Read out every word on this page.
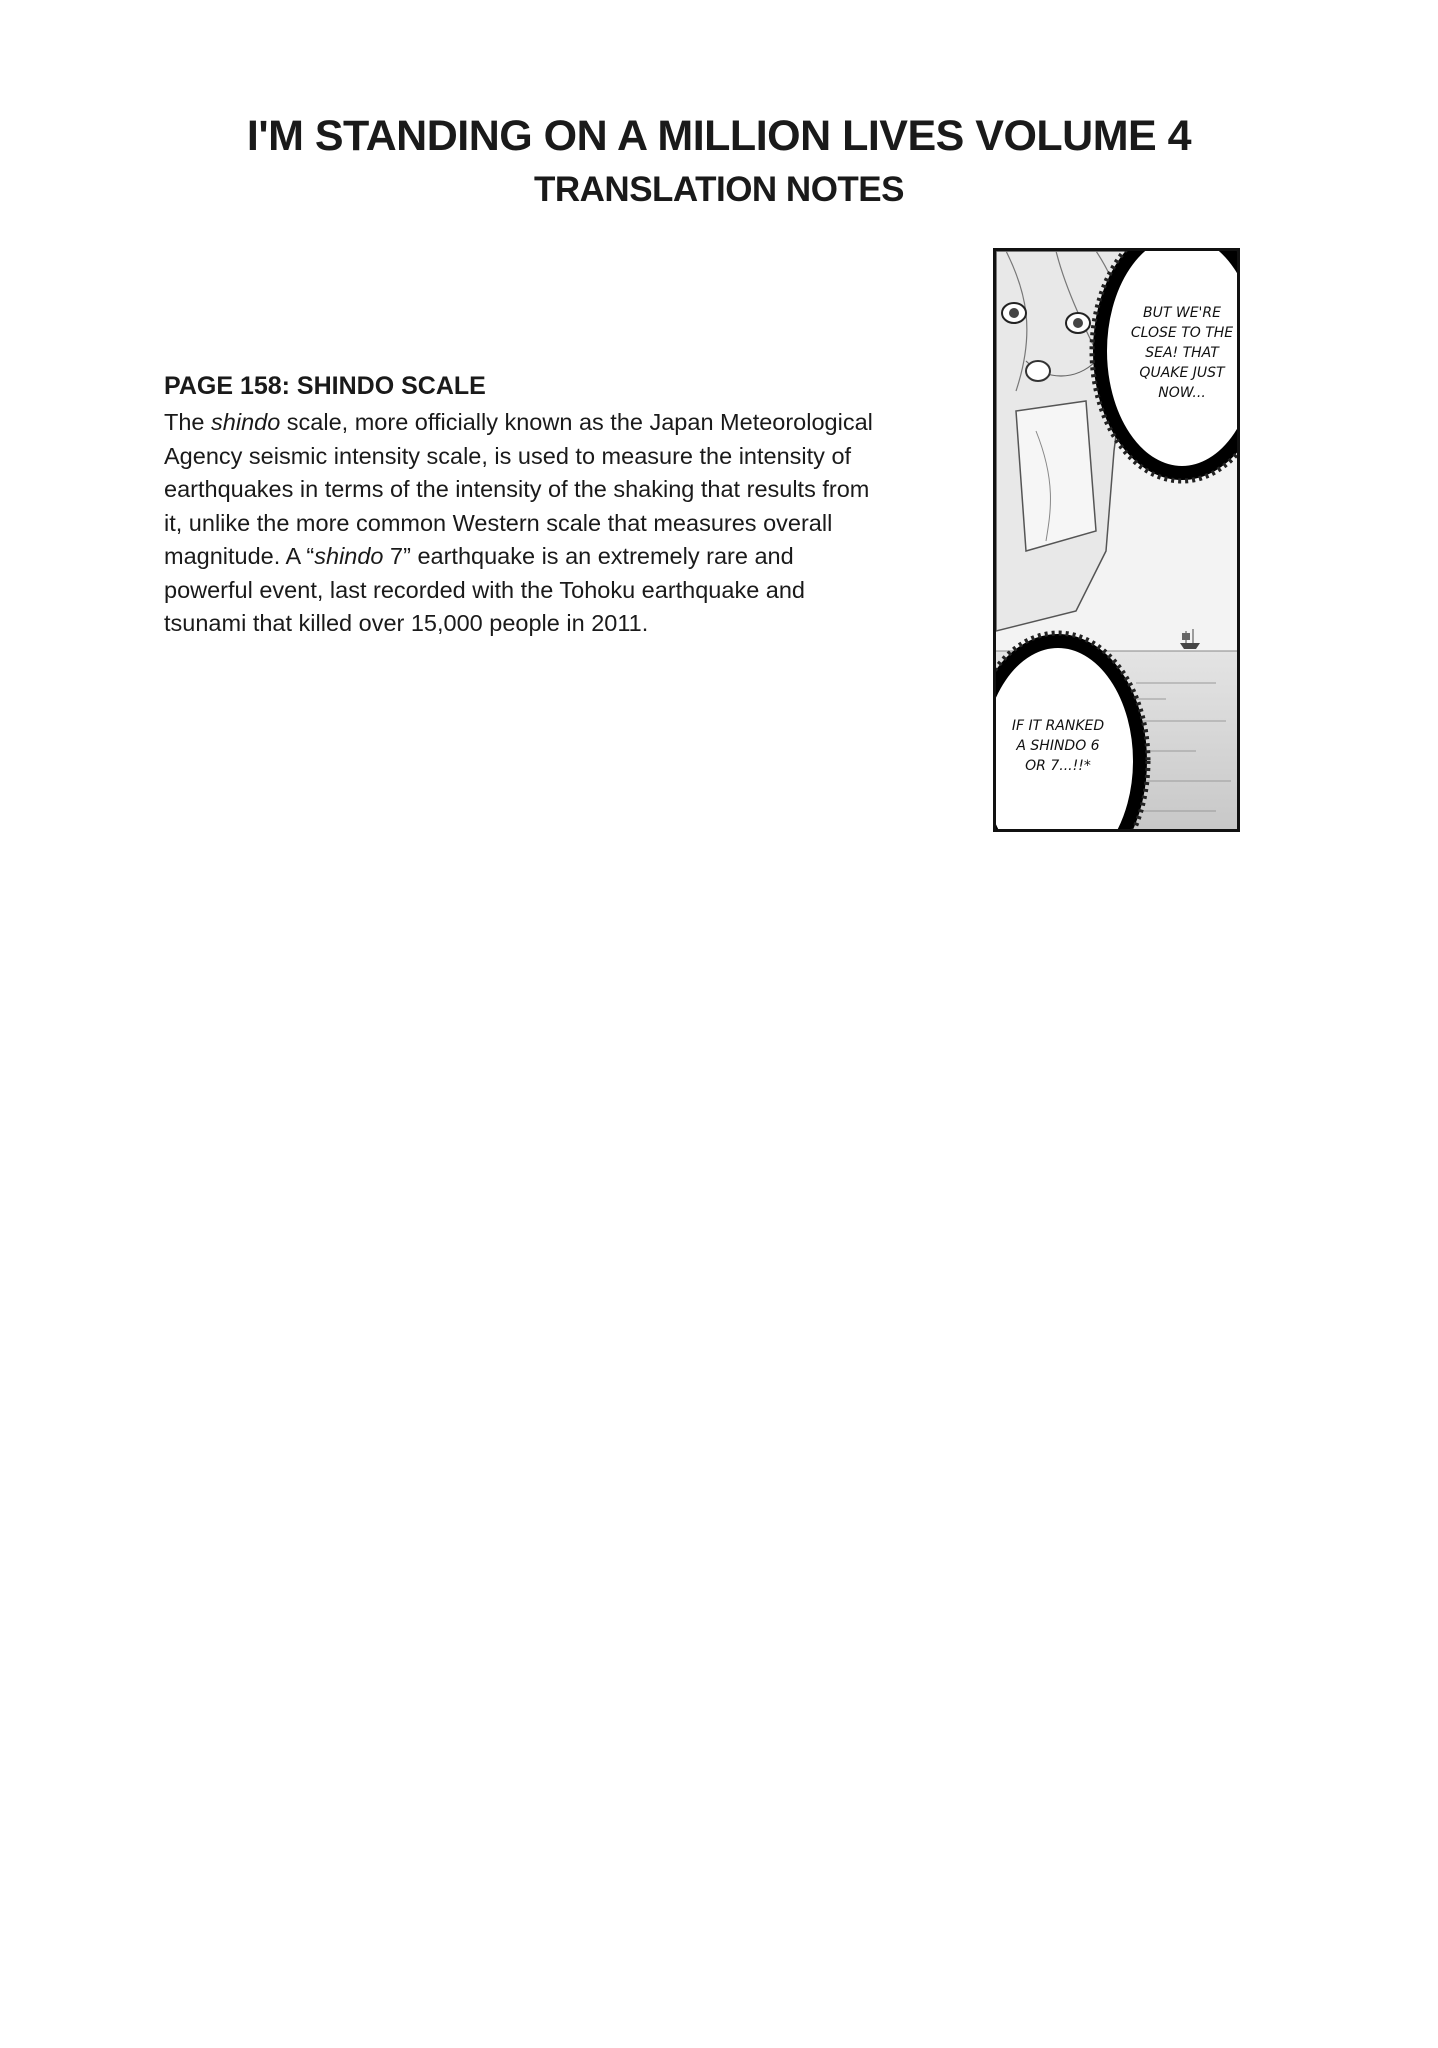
I'M STANDING ON A MILLION LIVES VOLUME 4
TRANSLATION NOTES
PAGE 158: SHINDO SCALE

The shindo scale, more officially known as the Japan Meteorological Agency seismic intensity scale, is used to measure the intensity of earthquakes in terms of the intensity of the shaking that results from it, unlike the more common Western scale that measures overall magnitude. A “shindo 7” earthquake is an extremely rare and powerful event, last recorded with the Tohoku earthquake and tsunami that killed over 15,000 people in 2011.

BUT WE'RE CLOSE TO THE SEA! THAT QUAKE JUST NOW...
IF IT RANKED A SHINDO 6 OR 7...!!*
